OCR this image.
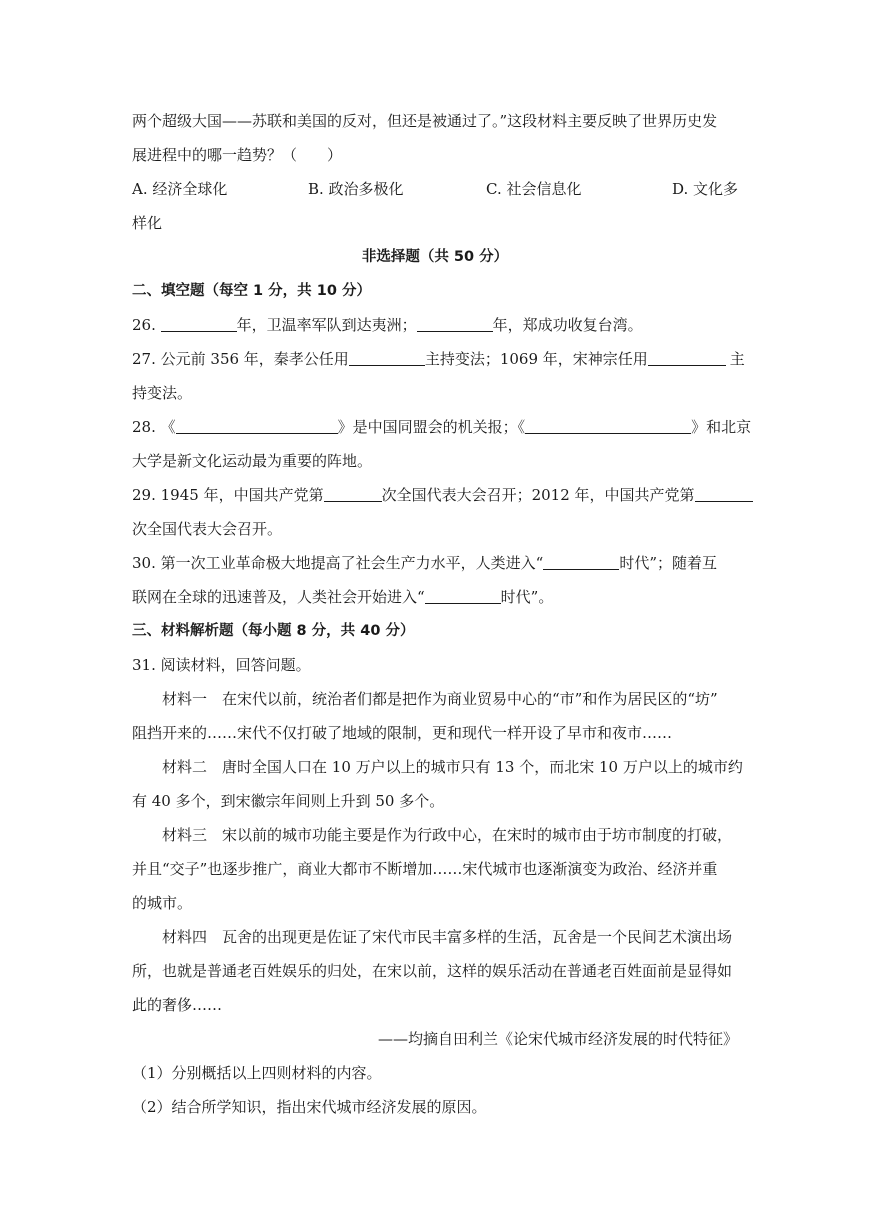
两个超级大国——苏联和美国的反对，但还是被通过了。”这段材料主要反映了世界历史发
展进程中的哪一趋势？（　　）
A. 经济全球化	B. 政治多极化	C. 社会信息化	D. 文化多
样化
非选择题（共 50 分）
二、填空题（每空 1 分，共 10 分）
26.	年，卫温率军队到达夷洲；	年，郑成功收复台湾。
27. 公元前 356 年，秦孝公任用	主持变法；1069 年，宋神宗任用	主
持变法。
28. 《	》是中国同盟会的机关报；《	》和北京
大学是新文化运动最为重要的阵地。
29. 1945 年，中国共产党第	次全国代表大会召开；2012 年，中国共产党第
次全国代表大会召开。
30. 第一次工业革命极大地提高了社会生产力水平，人类进入“	时代”；随着互
联网在全球的迅速普及，人类社会开始进入“	时代”。
三、材料解析题（每小题 8 分，共 40 分）
31. 阅读材料，回答问题。
材料一　在宋代以前，统治者们都是把作为商业贸易中心的“市”和作为居民区的“坊”
阻挡开来的……宋代不仅打破了地域的限制，更和现代一样开设了早市和夜市……
材料二　唐时全国人口在 10 万户以上的城市只有 13 个，而北宋 10 万户以上的城市约
有 40 多个，到宋徽宗年间则上升到 50 多个。
材料三　宋以前的城市功能主要是作为行政中心，在宋时的城市由于坊市制度的打破，
并且“交子”也逐步推广，商业大都市不断增加……宋代城市也逐渐演变为政治、经济并重
的城市。
材料四　瓦舍的出现更是佐证了宋代市民丰富多样的生活，瓦舍是一个民间艺术演出场
所，也就是普通老百姓娱乐的归处，在宋以前，这样的娱乐活动在普通老百姓面前是显得如
此的奢侈……
——均摘自田利兰《论宋代城市经济发展的时代特征》
（1）分别概括以上四则材料的内容。
（2）结合所学知识，指出宋代城市经济发展的原因。
